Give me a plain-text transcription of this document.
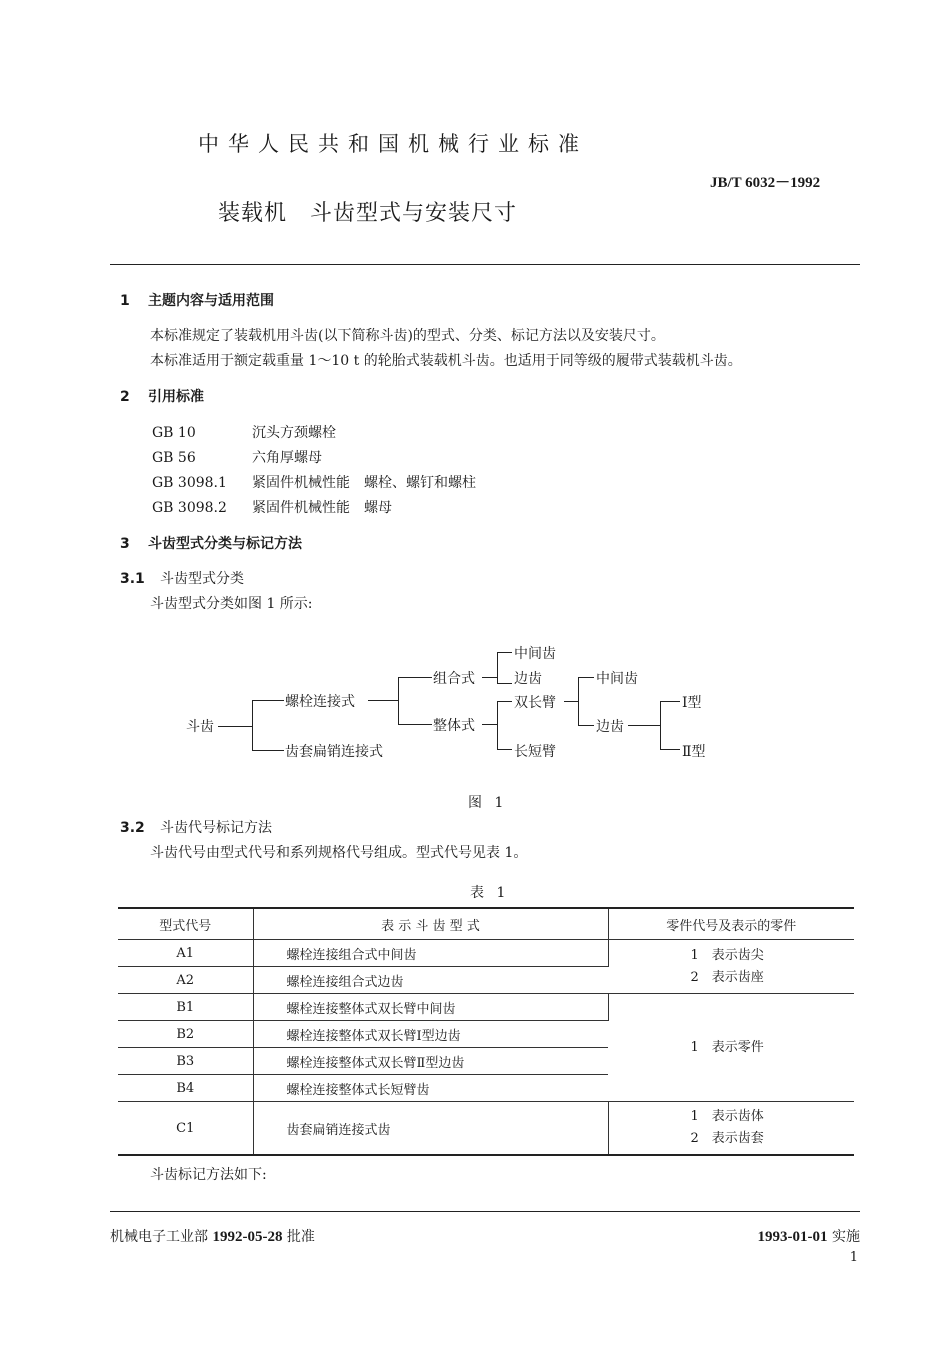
中华人民共和国机械行业标准
JB/T 6032－1992
装载机　斗齿型式与安装尺寸
1 主题内容与适用范围
本标准规定了装载机用斗齿(以下简称斗齿)的型式、分类、标记方法以及安装尺寸。
本标准适用于额定载重量 1～10 t 的轮胎式装载机斗齿。也适用于同等级的履带式装载机斗齿。
2 引用标准
GB 10	沉头方颈螺栓
GB 56	六角厚螺母
GB 3098.1 紧固件机械性能　螺栓、螺钉和螺柱
GB 3098.2 紧固件机械性能　螺母
3 斗齿型式分类与标记方法
3.1 斗齿型式分类
斗齿型式分类如图 1 所示:
斗齿
螺栓连接式
齿套扁销连接式
组合式
整体式
中间齿
边齿
双长臂
长短臂
中间齿
边齿
Ⅰ型
Ⅱ型
图 1
3.2 斗齿代号标记方法
斗齿代号由型式代号和系列规格代号组成。型式代号见表 1。
表 1
型式代号	表 示 斗 齿 型 式	零件代号及表示的零件
A1	螺栓连接组合式中间齿	1　表示齿尖
2　表示齿座

A2	螺栓连接组合式边齿	
B1	螺栓连接整体式双长臂中间齿	1　表示零件

B2	螺栓连接整体式双长臂Ⅰ型边齿	
B3	螺栓连接整体式双长臂Ⅱ型边齿	
B4	螺栓连接整体式长短臂齿	
C1	齿套扁销连接式齿	1　表示齿体
2　表示齿套
斗齿标记方法如下:
机械电子工业部 1992-05-28 批准	1993-01-01 实施
1
